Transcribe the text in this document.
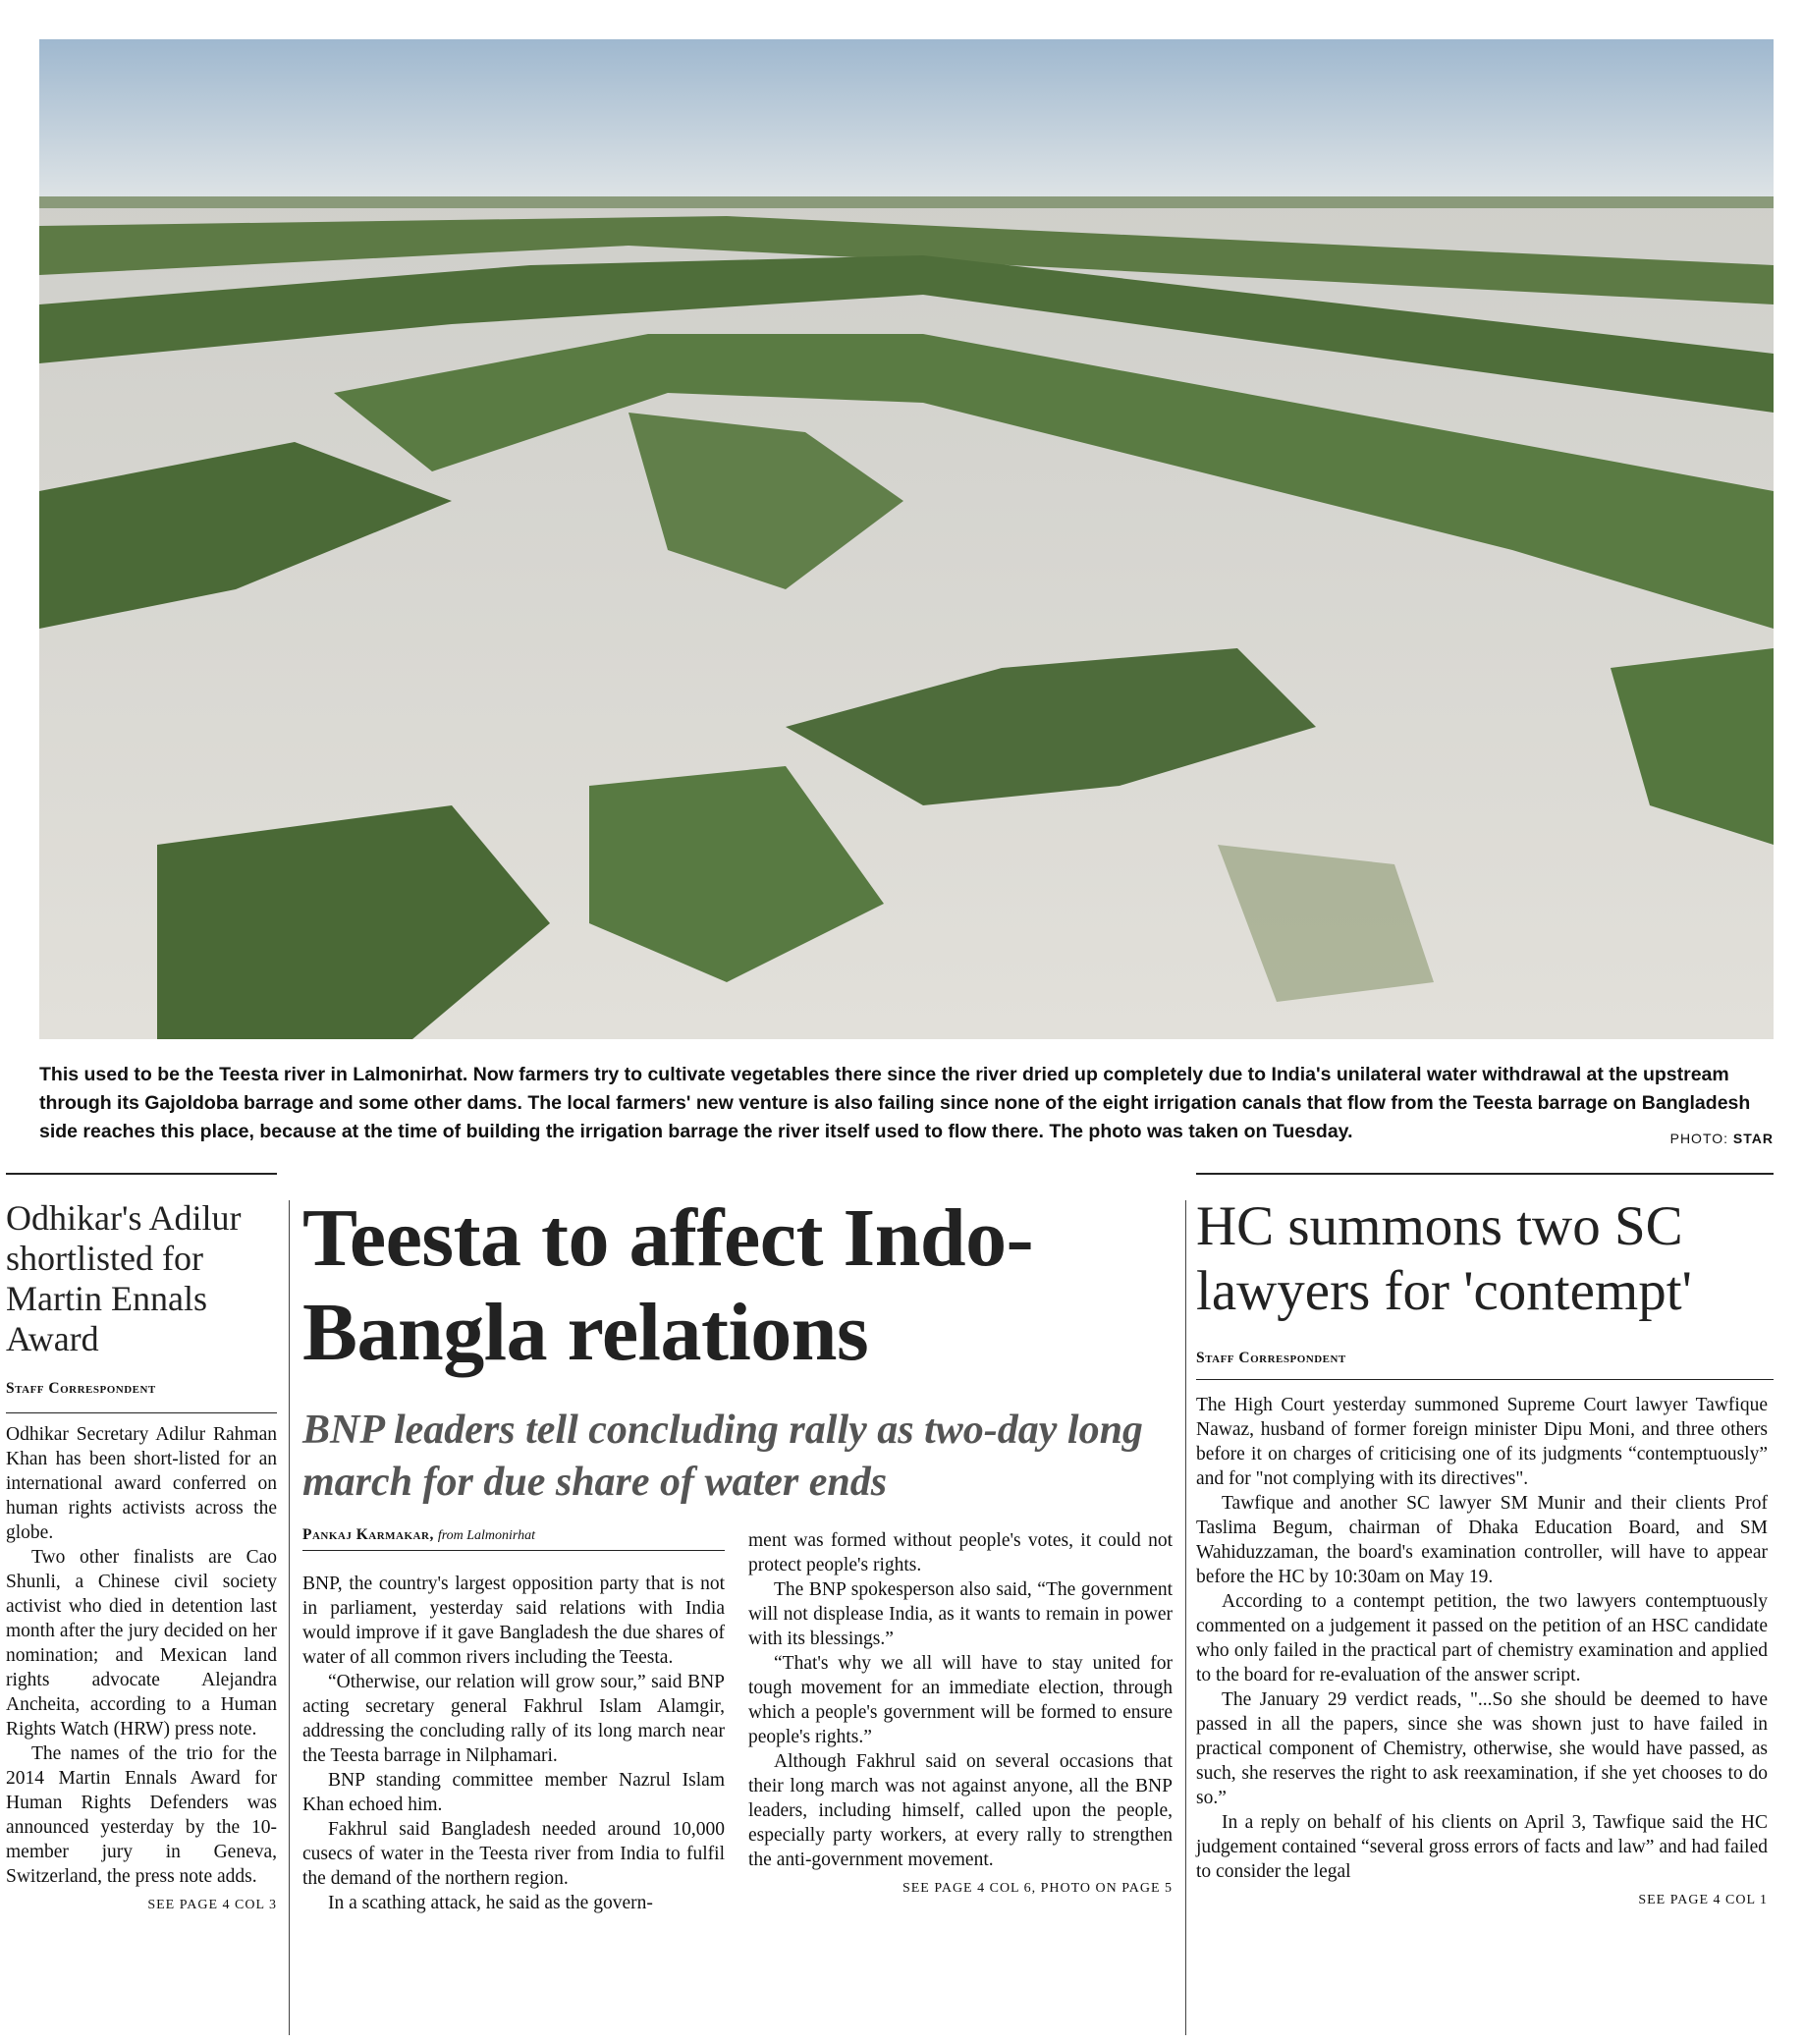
This used to be the Teesta river in Lalmonirhat. Now farmers try to cultivate vegetables there since the river dried up completely due to India's unilateral water withdrawal at the upstream through its Gajoldoba barrage and some other dams. The local farmers' new venture is also failing since none of the eight irrigation canals that flow from the Teesta barrage on Bangladesh side reaches this place, because at the time of building the irrigation barrage the river itself used to flow there. The photo was taken on Tuesday.	PHOTO: STAR
Odhikar's Adilur shortlisted for Martin Ennals Award
Staff Correspondent

Odhikar Secretary Adilur Rahman Khan has been short-listed for an international award conferred on human rights activists across the globe.

Two other finalists are Cao Shunli, a Chinese civil society activist who died in detention last month after the jury decided on her nomination; and Mexican land rights advocate Alejandra Ancheita, according to a Human Rights Watch (HRW) press note.

The names of the trio for the 2014 Martin Ennals Award for Human Rights Defenders was announced yesterday by the 10-member jury in Geneva, Switzerland, the press note adds.

SEE PAGE 4 COL 3
Teesta to affect Indo-Bangla relations
BNP leaders tell concluding rally as two-day long march for due share of water ends
Pankaj Karmakar, from Lalmonirhat

BNP, the country's largest opposition party that is not in parliament, yesterday said relations with India would improve if it gave Bangladesh the due shares of water of all common rivers including the Teesta.

“Otherwise, our relation will grow sour,” said BNP acting secretary general Fakhrul Islam Alamgir, addressing the concluding rally of its long march near the Teesta barrage in Nilphamari.

BNP standing committee member Nazrul Islam Khan echoed him.

Fakhrul said Bangladesh needed around 10,000 cusecs of water in the Teesta river from India to fulfil the demand of the northern region.

In a scathing attack, he said as the govern-

ment was formed without people's votes, it could not protect people's rights.

The BNP spokesperson also said, “The government will not displease India, as it wants to remain in power with its blessings.”

“That's why we all will have to stay united for tough movement for an immediate election, through which a people's government will be formed to ensure people's rights.”

Although Fakhrul said on several occasions that their long march was not against anyone, all the BNP leaders, including himself, called upon the people, especially party workers, at every rally to strengthen the anti-government movement.

SEE PAGE 4 COL 6, PHOTO ON PAGE 5
HC summons two SC lawyers for 'contempt'
Staff Correspondent

The High Court yesterday summoned Supreme Court lawyer Tawfique Nawaz, husband of former foreign minister Dipu Moni, and three others before it on charges of criticising one of its judgments “contemptuously” and for "not complying with its directives".

Tawfique and another SC lawyer SM Munir and their clients Prof Taslima Begum, chairman of Dhaka Education Board, and SM Wahiduzzaman, the board's examination controller, will have to appear before the HC by 10:30am on May 19.

According to a contempt petition, the two lawyers contemptuously commented on a judgement it passed on the petition of an HSC candidate who only failed in the practical part of chemistry examination and applied to the board for re-evaluation of the answer script.

The January 29 verdict reads, "...So she should be deemed to have passed in all the papers, since she was shown just to have failed in practical component of Chemistry, otherwise, she would have passed, as such, she reserves the right to ask reexamination, if she yet chooses to do so.”

In a reply on behalf of his clients on April 3, Tawfique said the HC judgement contained “several gross errors of facts and law” and had failed to consider the legal

SEE PAGE 4 COL 1
